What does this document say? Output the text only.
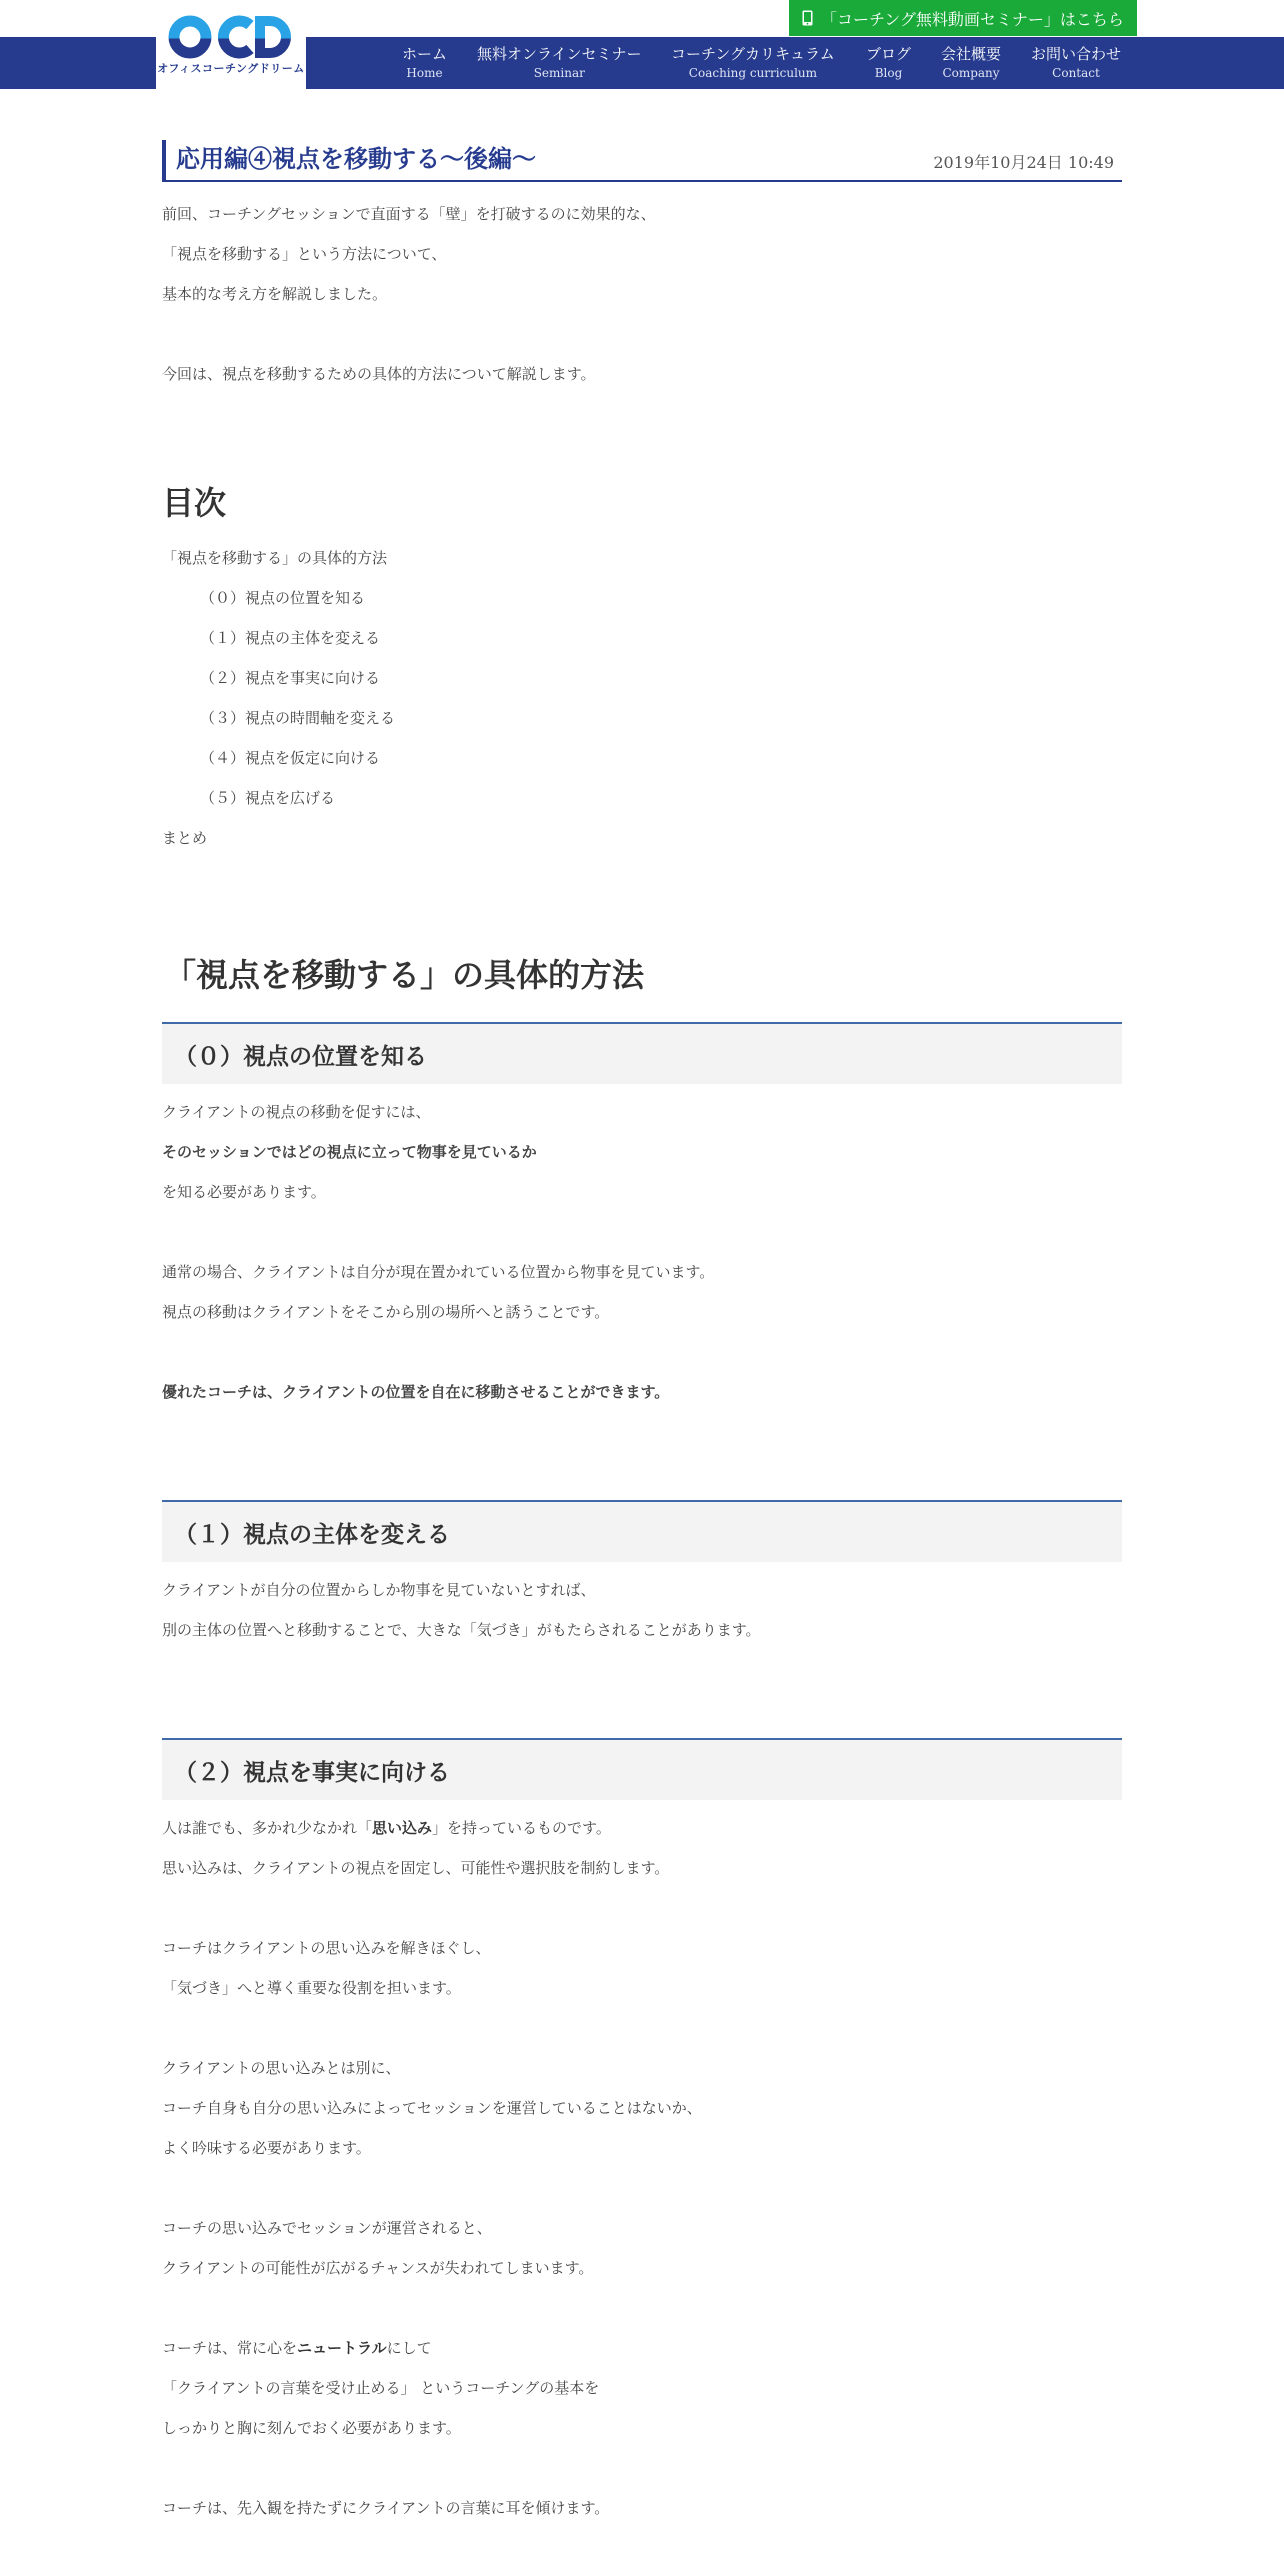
オフィスコーチングドリーム
「コーチング無料動画セミナー」はこちら
ホーム
Home
無料オンラインセミナー
Seminar
コーチングカリキュラム
Coaching curriculum
ブログ
Blog
会社概要
Company
お問い合わせ
Contact
応用編④視点を移動する〜後編〜	2019年10月24日 10:49

前回、コーチングセッションで直面する「壁」を打破するのに効果的な、

「視点を移動する」という方法について、

基本的な考え方を解説しました。

今回は、視点を移動するための具体的方法について解説します。

目次
「視点を移動する」の具体的方法
（０）視点の位置を知る
（１）視点の主体を変える
（２）視点を事実に向ける
（３）視点の時間軸を変える
（４）視点を仮定に向ける
（５）視点を広げる
まとめ
「視点を移動する」の具体的方法
（０）視点の位置を知る

クライアントの視点の移動を促すには、

そのセッションではどの視点に立って物事を見ているか

を知る必要があります。

通常の場合、クライアントは自分が現在置かれている位置から物事を見ています。

視点の移動はクライアントをそこから別の場所へと誘うことです。

優れたコーチは、クライアントの位置を自在に移動させることができます。

（１）視点の主体を変える

クライアントが自分の位置からしか物事を見ていないとすれば、

別の主体の位置へと移動することで、大きな「気づき」がもたらされることがあります。

（２）視点を事実に向ける

人は誰でも、多かれ少なかれ「思い込み」を持っているものです。

思い込みは、クライアントの視点を固定し、可能性や選択肢を制約します。

コーチはクライアントの思い込みを解きほぐし、

「気づき」へと導く重要な役割を担います。

クライアントの思い込みとは別に、

コーチ自身も自分の思い込みによってセッションを運営していることはないか、

よく吟味する必要があります。

コーチの思い込みでセッションが運営されると、

クライアントの可能性が広がるチャンスが失われてしまいます。

コーチは、常に心をニュートラルにして

「クライアントの言葉を受け止める」 というコーチングの基本を

しっかりと胸に刻んでおく必要があります。

コーチは、先入観を持たずにクライアントの言葉に耳を傾けます。
